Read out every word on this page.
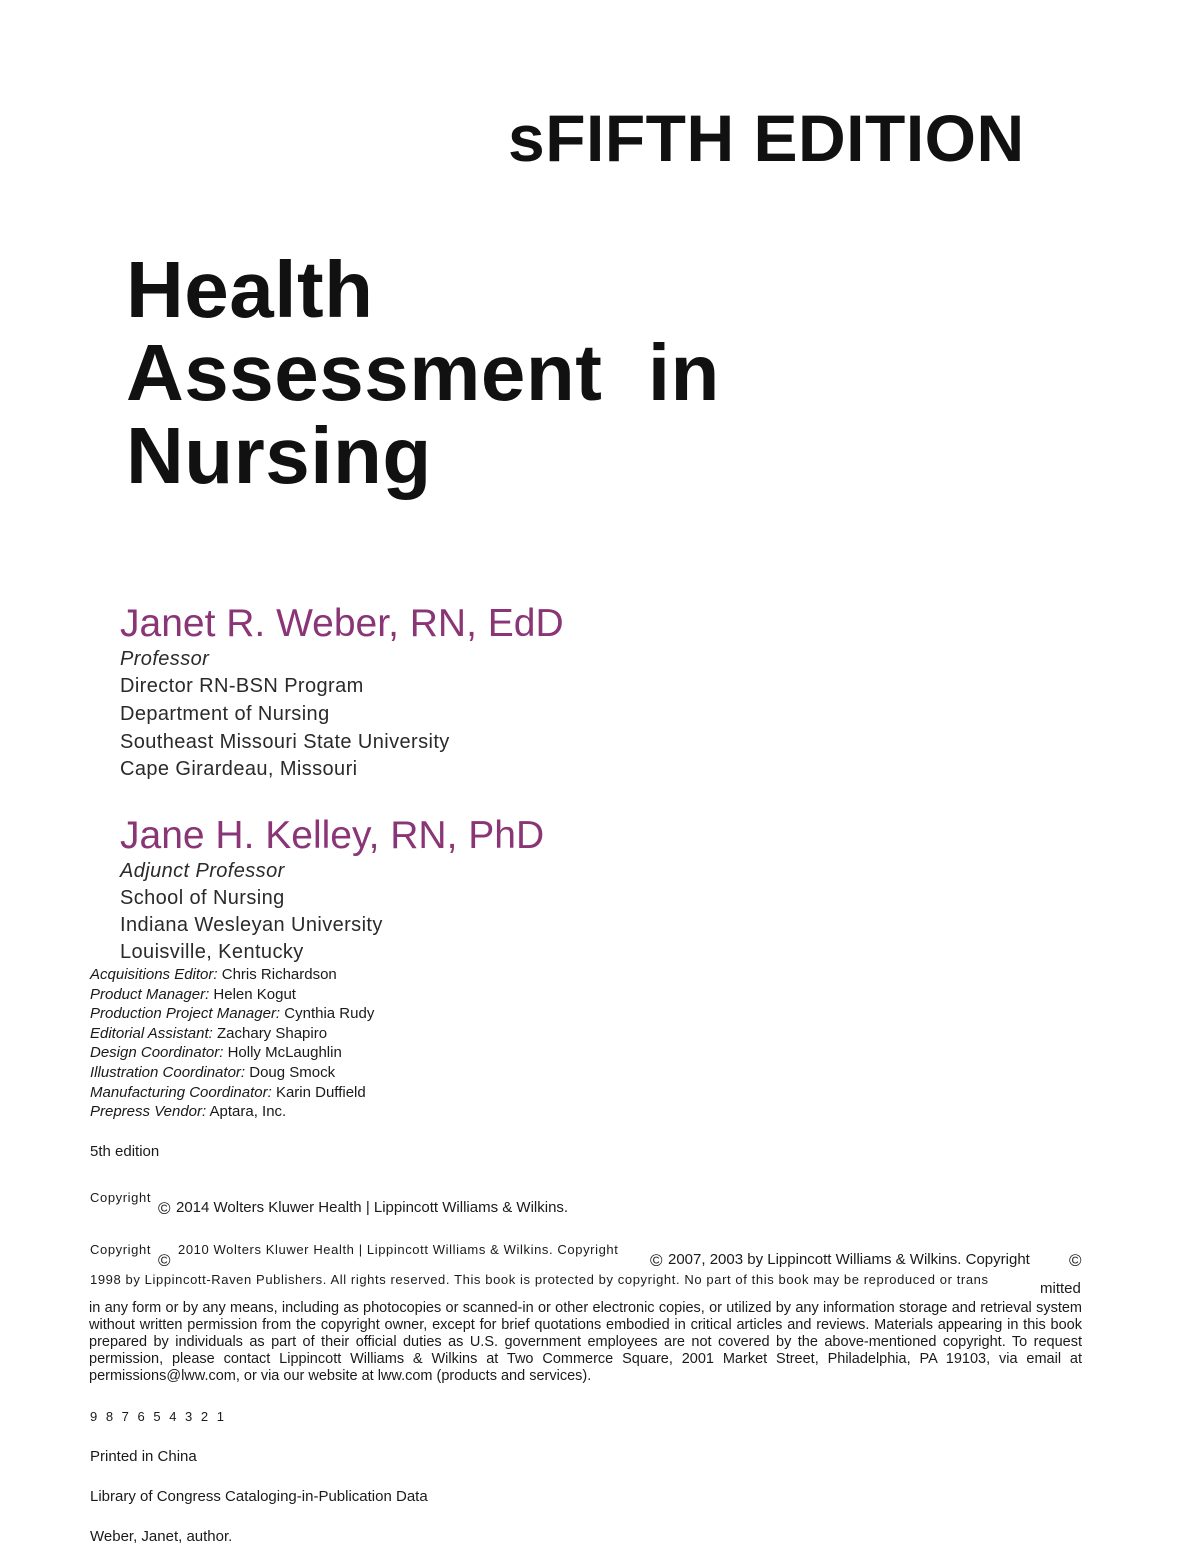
sFIFTH EDITION
Health
Assessment  in
Nursing
Janet R. Weber, RN, EdD
Professor
Director RN-BSN Program
Department of Nursing
Southeast Missouri State University
Cape Girardeau, Missouri
Jane H. Kelley, RN, PhD
Adjunct Professor
School of Nursing
Indiana Wesleyan University
Louisville, Kentucky
Acquisitions Editor: Chris Richardson
Product Manager: Helen Kogut
Production Project Manager: Cynthia Rudy
Editorial Assistant: Zachary Shapiro
Design Coordinator: Holly McLaughlin
Illustration Coordinator: Doug Smock
Manufacturing Coordinator: Karin Duffield
Prepress Vendor: Aptara, Inc.
5th edition
Copyright
© 2014 Wolters Kluwer Health | Lippincott Williams & Wilkins.
Copyright
©
2010 Wolters Kluwer Health | Lippincott Williams & Wilkins. Copyright
© 2007, 2003 by Lippincott Williams & Wilkins. Copyright ©
1998 by Lippincott-Raven Publishers. All rights reserved. This book is protected by copyright. No part of this book may be reproduced or trans
mitted
in any form or by any means, including as photocopies or scanned-in or other electronic copies, or utilized by any information storage and retrieval system without written permission from the copyright owner, except for brief quotations embodied in critical articles and reviews. Materials appearing in this book prepared by individuals as part of their official duties as U.S. government employees are not covered by the above-mentioned copyright. To request permission, please contact Lippincott Williams & Wilkins at Two Commerce Square, 2001 Market Street, Philadelphia, PA 19103, via email at permissions@lww.com, or via our website at lww.com (products and services).
9 8 7 6 5 4 3 2 1
Printed in China
Library of Congress Cataloging-in-Publication Data
Weber, Janet, author.
